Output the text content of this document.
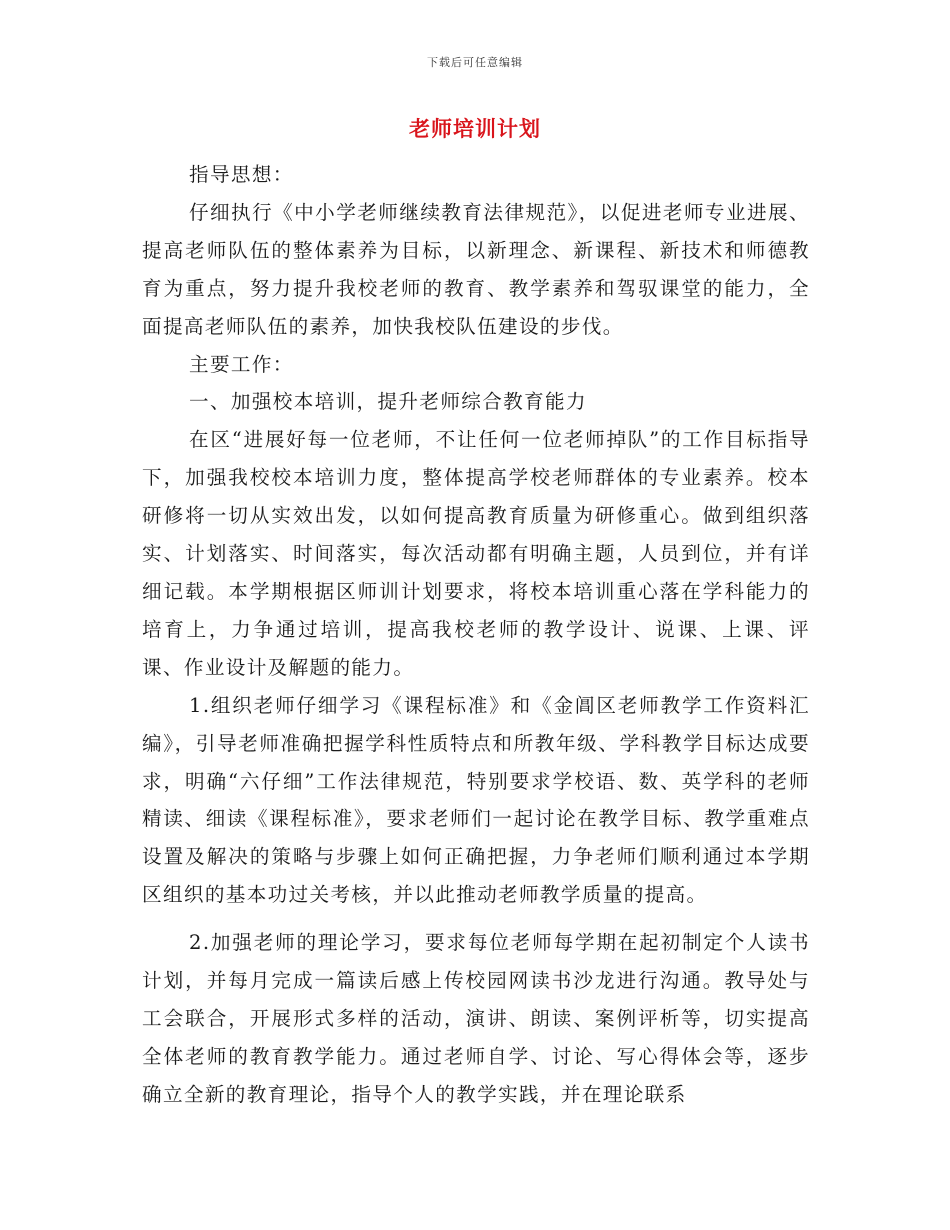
下载后可任意编辑
老师培训计划

指导思想：

仔细执行《中小学老师继续教育法律规范》，以促进老师专业进展、提高老师队伍的整体素养为目标，以新理念、新课程、新技术和师德教育为重点，努力提升我校老师的教育、教学素养和驾驭课堂的能力，全面提高老师队伍的素养，加快我校队伍建设的步伐。

主要工作：

一、加强校本培训，提升老师综合教育能力

在区“进展好每一位老师，不让任何一位老师掉队”的工作目标指导下，加强我校校本培训力度，整体提高学校老师群体的专业素养。校本研修将一切从实效出发，以如何提高教育质量为研修重心。做到组织落实、计划落实、时间落实，每次活动都有明确主题，人员到位，并有详细记载。本学期根据区师训计划要求，将校本培训重心落在学科能力的培育上，力争通过培训，提高我校老师的教学设计、说课、上课、评课、作业设计及解题的能力。

1.组织老师仔细学习《课程标准》和《金阊区老师教学工作资料汇编》，引导老师准确把握学科性质特点和所教年级、学科教学目标达成要求，明确“六仔细”工作法律规范，特别要求学校语、数、英学科的老师精读、细读《课程标准》，要求老师们一起讨论在教学目标、教学重难点设置及解决的策略与步骤上如何正确把握，力争老师们顺利通过本学期区组织的基本功过关考核，并以此推动老师教学质量的提高。

2.加强老师的理论学习，要求每位老师每学期在起初制定个人读书计划，并每月完成一篇读后感上传校园网读书沙龙进行沟通。教导处与工会联合，开展形式多样的活动，演讲、朗读、案例评析等，切实提高全体老师的教育教学能力。通过老师自学、讨论、写心得体会等，逐步确立全新的教育理论，指导个人的教学实践，并在理论联系
